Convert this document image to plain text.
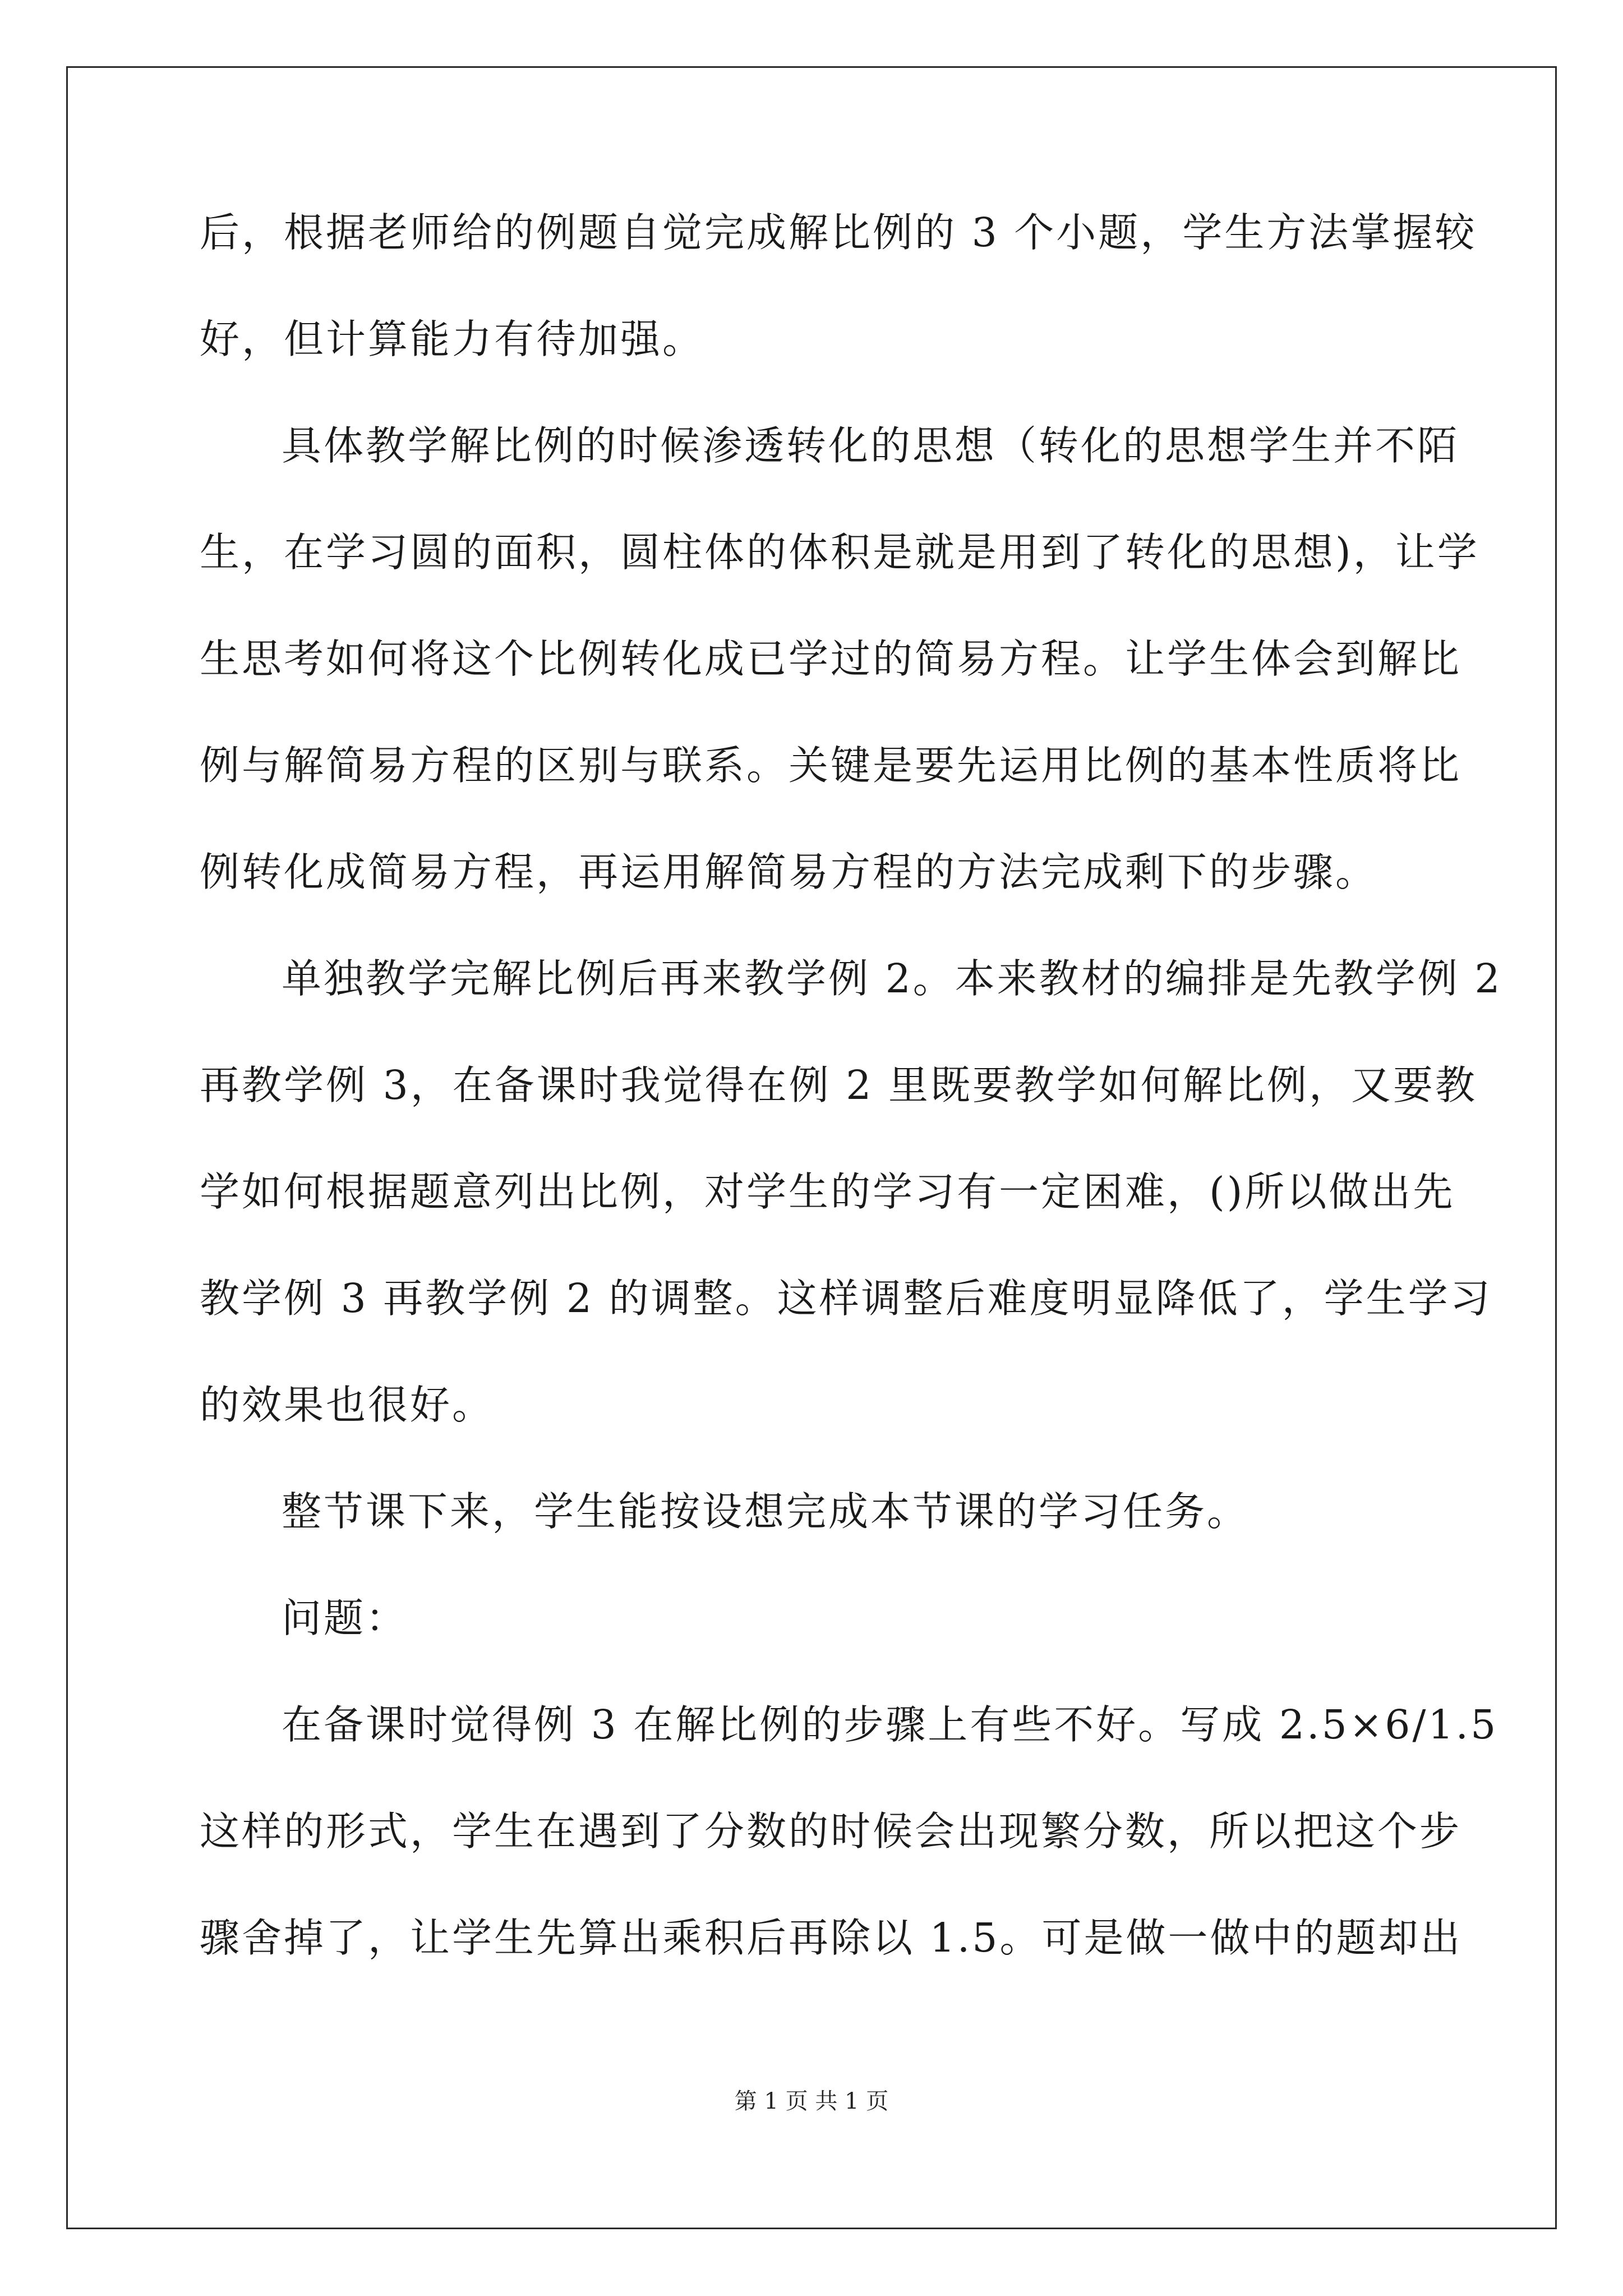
后，根据老师给的例题自觉完成解比例的 3 个小题，学生方法掌握较
好，但计算能力有待加强。
具体教学解比例的时候渗透转化的思想（转化的思想学生并不陌
生，在学习圆的面积，圆柱体的体积是就是用到了转化的思想)，让学
生思考如何将这个比例转化成已学过的简易方程。让学生体会到解比
例与解简易方程的区别与联系。关键是要先运用比例的基本性质将比
例转化成简易方程，再运用解简易方程的方法完成剩下的步骤。
单独教学完解比例后再来教学例 2。本来教材的编排是先教学例 2
再教学例 3，在备课时我觉得在例 2 里既要教学如何解比例，又要教
学如何根据题意列出比例，对学生的学习有一定困难，()所以做出先
教学例 3 再教学例 2 的调整。这样调整后难度明显降低了，学生学习
的效果也很好。
整节课下来，学生能按设想完成本节课的学习任务。
问题：
在备课时觉得例 3 在解比例的步骤上有些不好。写成 2.5×6/1.5
这样的形式，学生在遇到了分数的时候会出现繁分数，所以把这个步
骤舍掉了，让学生先算出乘积后再除以 1.5。可是做一做中的题却出
第 1 页 共 1 页
